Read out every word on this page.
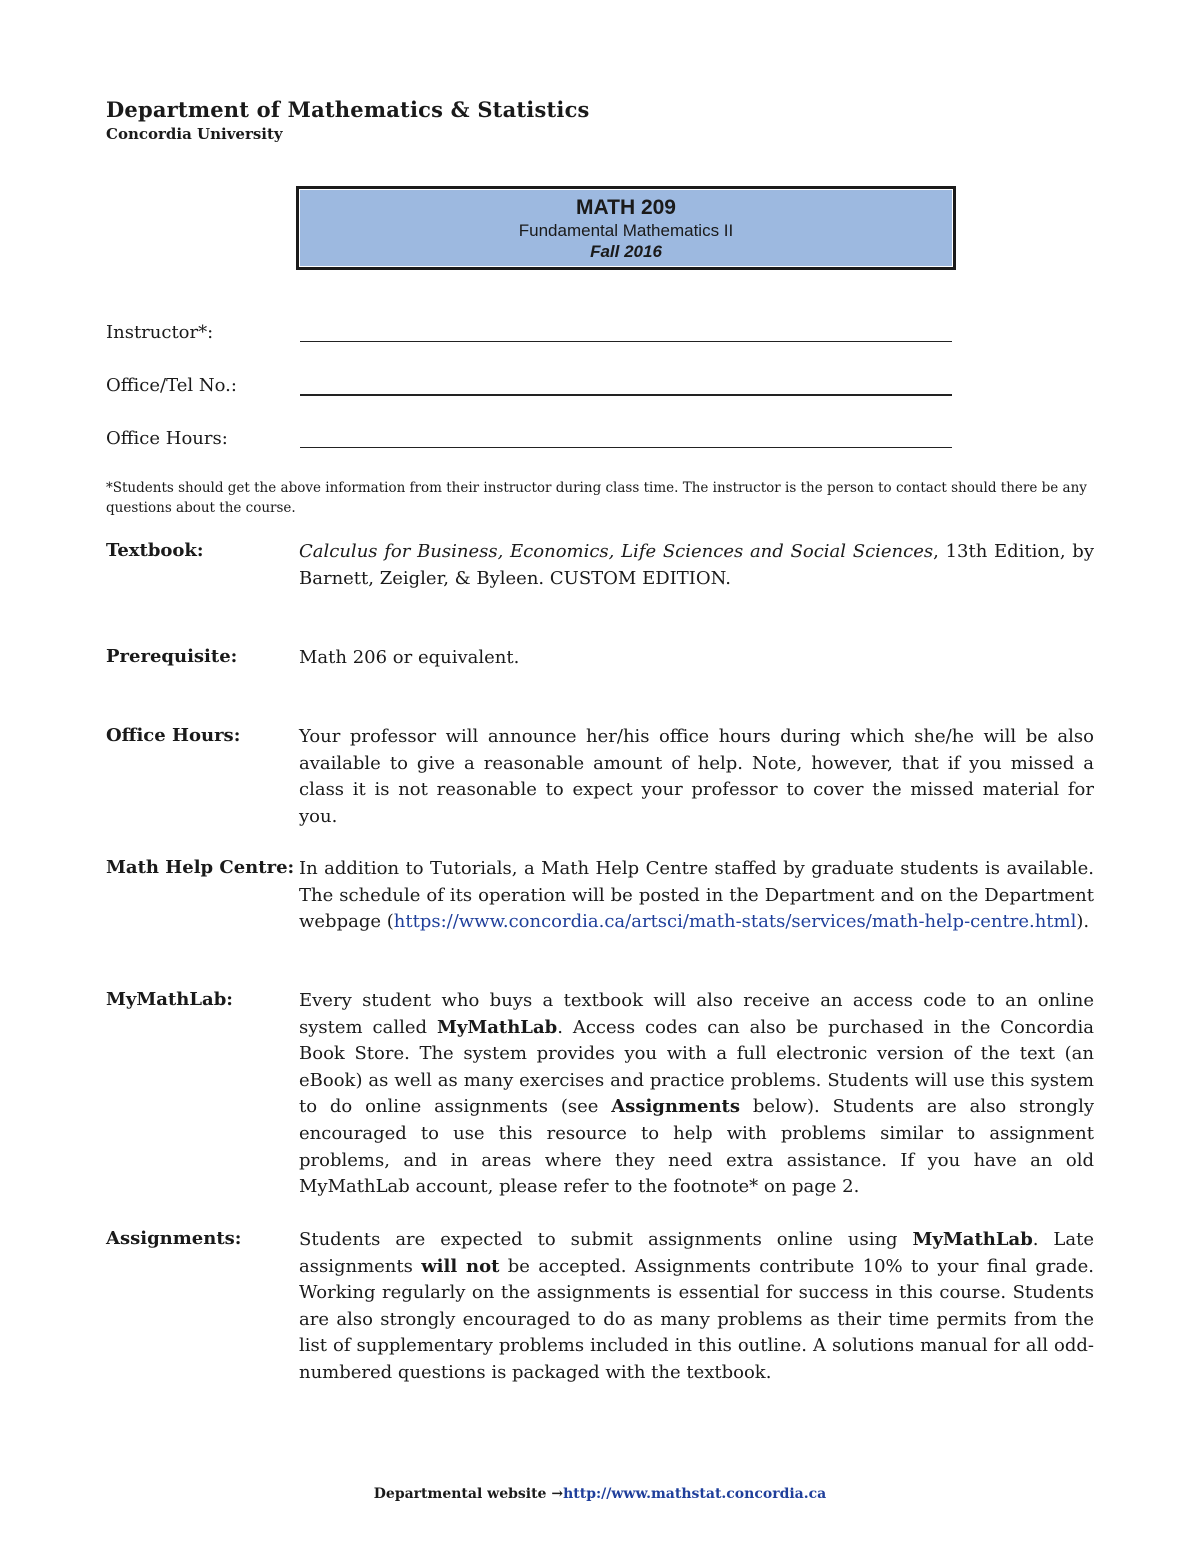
Department of Mathematics & Statistics
Concordia University
MATH 209
Fundamental Mathematics II
Fall 2016
Instructor*:
Office/Tel No.:
Office Hours:
*Students should get the above information from their instructor during class time. The instructor is the person to contact should there be any questions about the course.
Textbook:	Calculus for Business, Economics, Life Sciences and Social Sciences, 13th Edition, by Barnett, Zeigler, & Byleen. CUSTOM EDITION.

Prerequisite:	Math 206 or equivalent.
Office Hours:	Your professor will announce her/his office hours during which she/he will be also available to give a reasonable amount of help. Note, however, that if you missed a class it is not reasonable to expect your professor to cover the missed material for you.
Math Help Centre: In addition to Tutorials, a Math Help Centre staffed by graduate students is available. The schedule of its operation will be posted in the Department and on the Department webpage (https://www.concordia.ca/artsci/math-stats/services/math-help-centre.html).

MyMathLab:	Every student who buys a textbook will also receive an access code to an online system called MyMathLab. Access codes can also be purchased in the Concordia Book Store. The system provides you with a full electronic version of the text (an eBook) as well as many exercises and practice problems. Students will use this system to do online assignments (see Assignments below). Students are also strongly encouraged to use this resource to help with problems similar to assignment problems, and in areas where they need extra assistance. If you have an old MyMathLab account, please refer to the footnote* on page 2.

Assignments:	Students are expected to submit assignments online using MyMathLab. Late assignments will not be accepted. Assignments contribute 10% to your final grade. Working regularly on the assignments is essential for success in this course. Students are also strongly encouraged to do as many problems as their time permits from the list of supplementary problems included in this outline. A solutions manual for all odd-numbered questions is packaged with the textbook.

Departmental website →http://www.mathstat.concordia.ca
